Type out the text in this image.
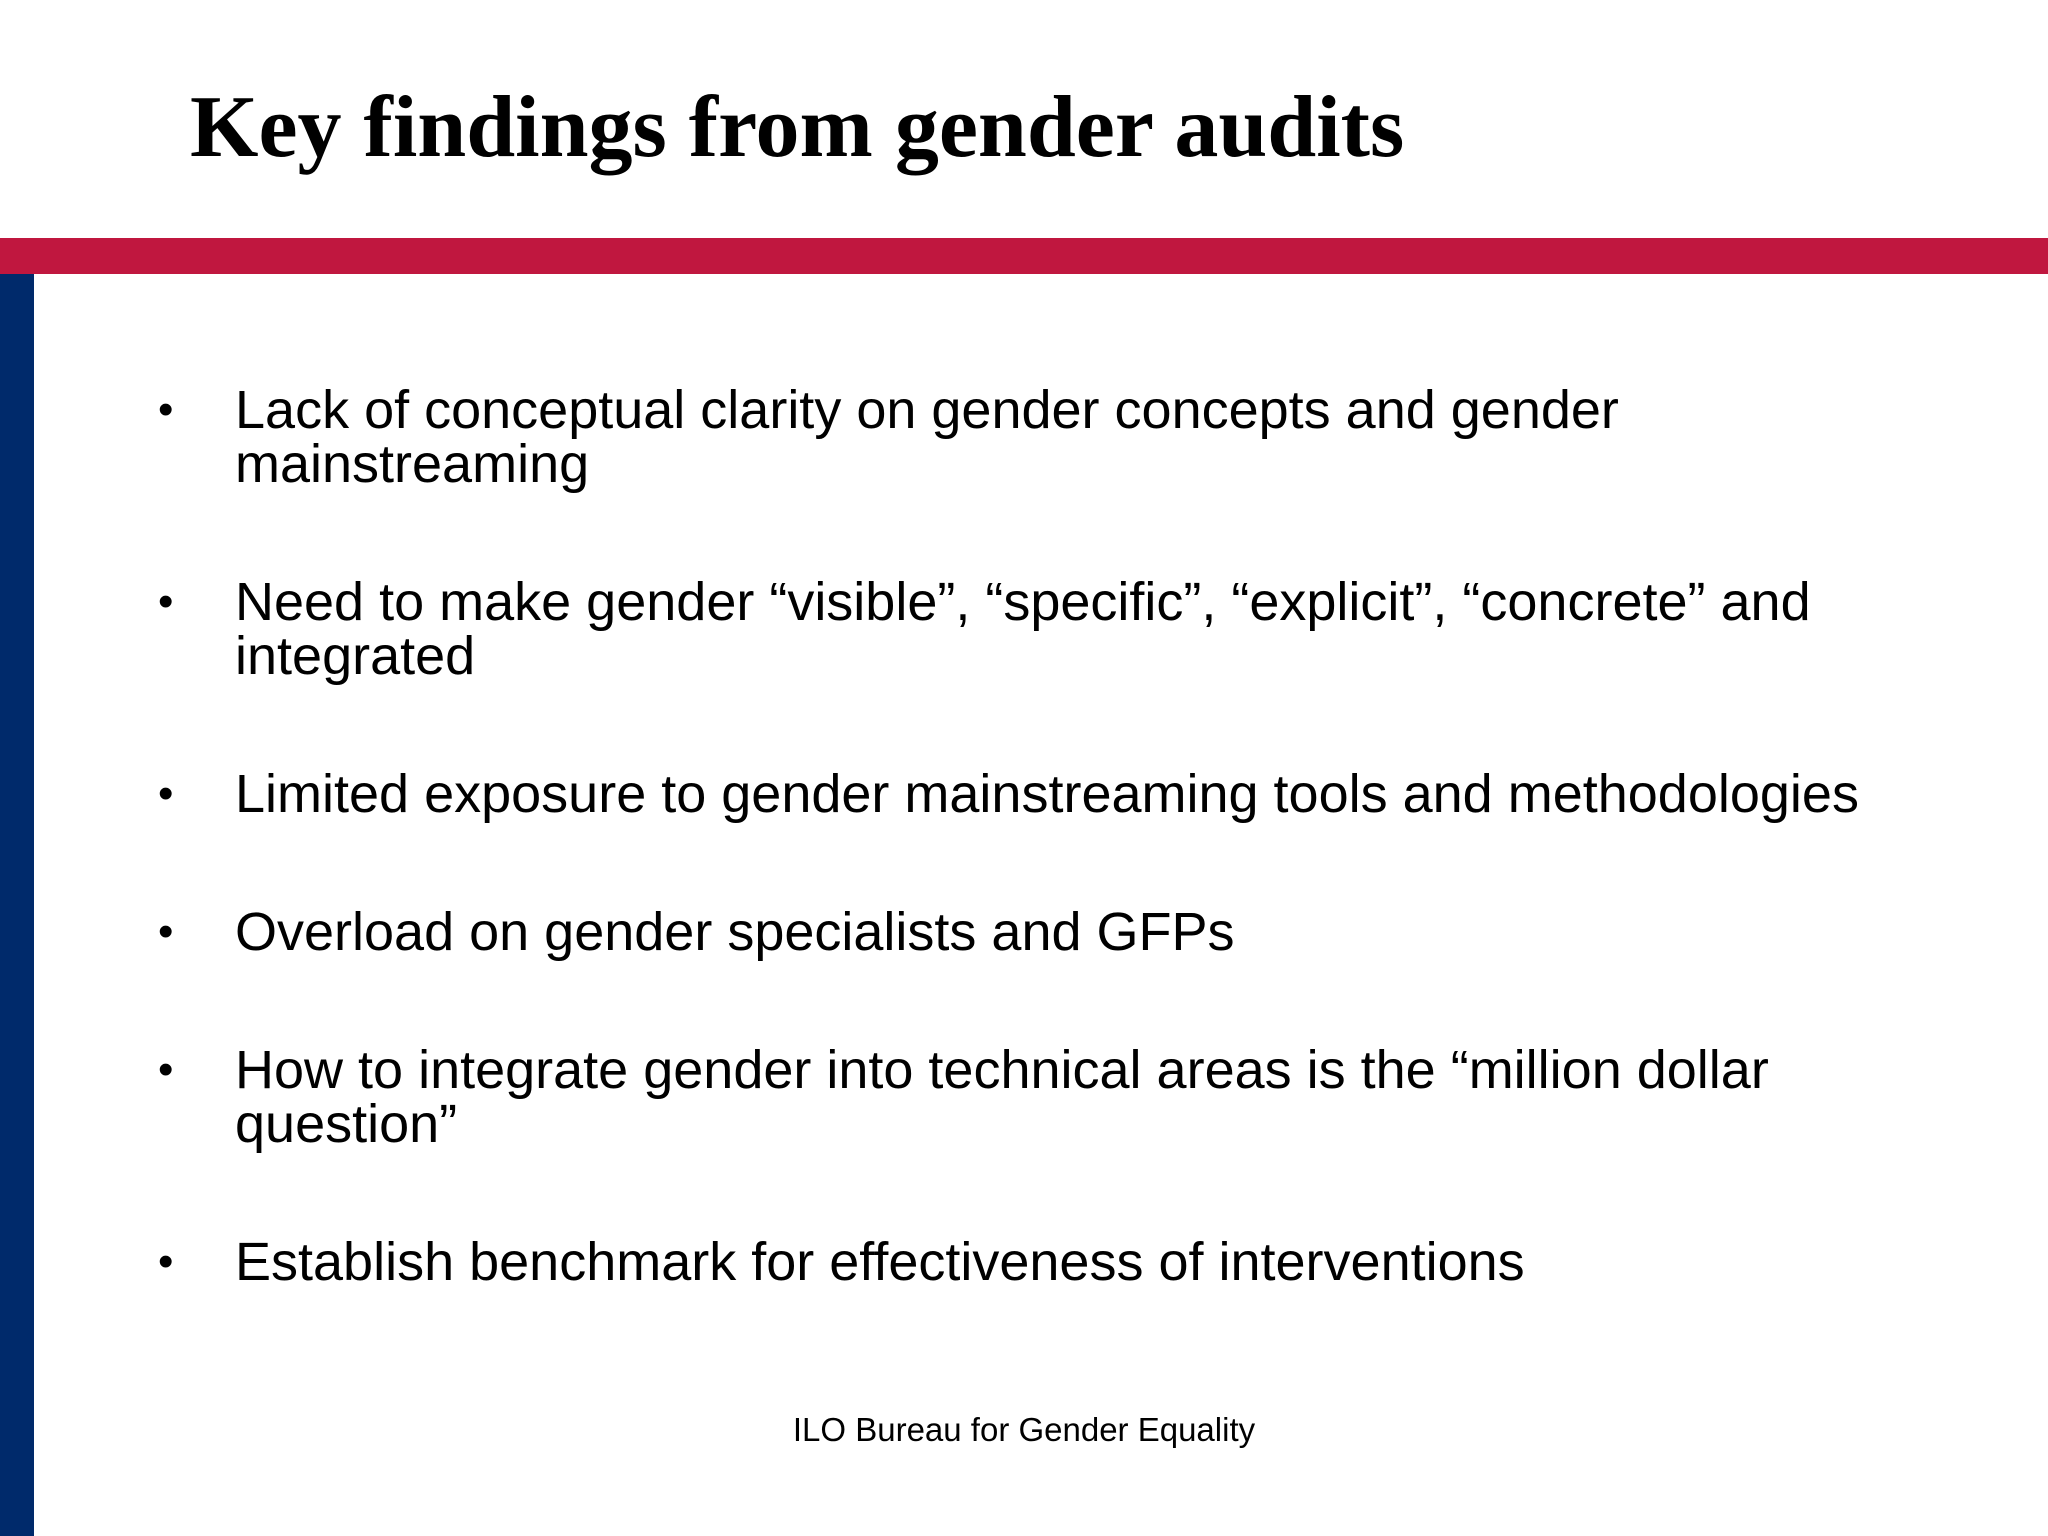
Key findings from gender audits
• Lack of conceptual clarity on gender concepts and gender mainstreaming
• Need to make gender “visible”, “specific”, “explicit”, “concrete” and integrated
• Limited exposure to gender mainstreaming tools and methodologies
• Overload on gender specialists and GFPs
• How to integrate gender into technical areas is the “million dollar question”
• Establish benchmark for effectiveness of interventions
ILO Bureau for Gender Equality
